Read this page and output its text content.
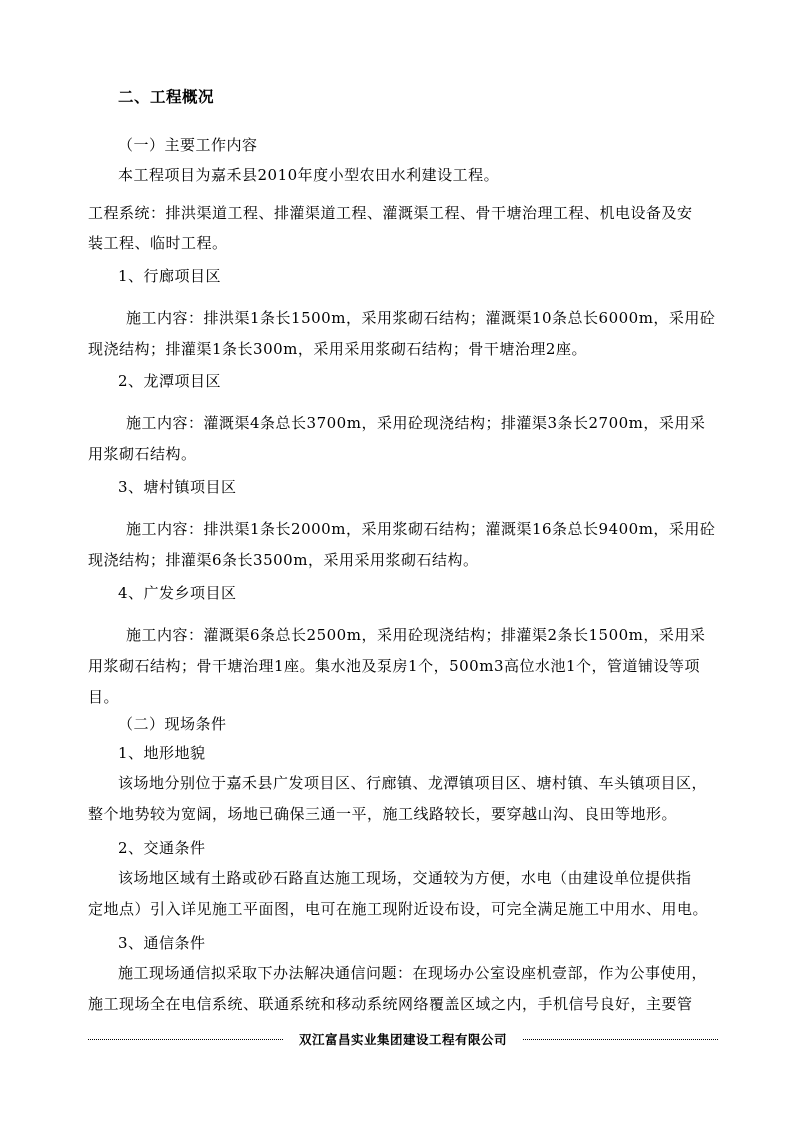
二、工程概况
（一）主要工作内容
本工程项目为嘉禾县2010年度小型农田水利建设工程。
工程系统：排洪渠道工程、排灌渠道工程、灌溉渠工程、骨干塘治理工程、机电设备及安
装工程、临时工程。
1、行廊项目区
施工内容：排洪渠1条长1500m，采用浆砌石结构；灌溉渠10条总长6000m，采用砼
现浇结构；排灌渠1条长300m，采用采用浆砌石结构；骨干塘治理2座。
2、龙潭项目区
施工内容：灌溉渠4条总长3700m，采用砼现浇结构；排灌渠3条长2700m，采用采
用浆砌石结构。
3、塘村镇项目区
施工内容：排洪渠1条长2000m，采用浆砌石结构；灌溉渠16条总长9400m，采用砼
现浇结构；排灌渠6条长3500m，采用采用浆砌石结构。
4、广发乡项目区
施工内容：灌溉渠6条总长2500m，采用砼现浇结构；排灌渠2条长1500m，采用采
用浆砌石结构；骨干塘治理1座。集水池及泵房1个，500m3高位水池1个，管道铺设等项
目。
（二）现场条件
1、地形地貌
该场地分别位于嘉禾县广发项目区、行廊镇、龙潭镇项目区、塘村镇、车头镇项目区，
整个地势较为宽阔，场地已确保三通一平，施工线路较长，要穿越山沟、良田等地形。
2、交通条件
该场地区域有土路或砂石路直达施工现场，交通较为方便，水电（由建设单位提供指
定地点）引入详见施工平面图，电可在施工现附近设布设，可完全满足施工中用水、用电。
3、通信条件
施工现场通信拟采取下办法解决通信问题：在现场办公室设座机壹部，作为公事使用，
施工现场全在电信系统、联通系统和移动系统网络覆盖区域之内，手机信号良好，主要管
双江富昌实业集团建设工程有限公司
